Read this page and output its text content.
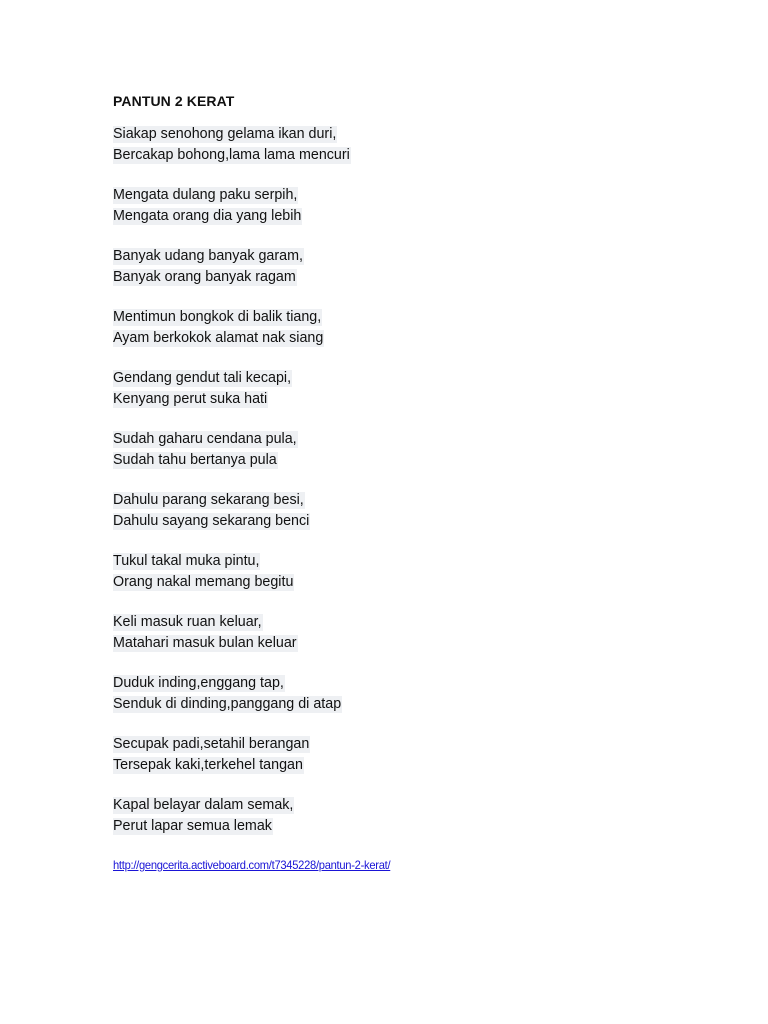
PANTUN 2 KERAT
Siakap senohong gelama ikan duri,
Bercakap bohong,lama lama mencuri
Mengata dulang paku serpih,
Mengata orang dia yang lebih
Banyak udang banyak garam,
Banyak orang banyak ragam
Mentimun bongkok di balik tiang,
Ayam berkokok alamat nak siang
Gendang gendut tali kecapi,
Kenyang perut suka hati
Sudah gaharu cendana pula,
Sudah tahu bertanya pula
Dahulu parang sekarang besi,
Dahulu sayang sekarang benci
Tukul takal muka pintu,
Orang nakal memang begitu
Keli masuk ruan keluar,
Matahari masuk bulan keluar
Duduk inding,enggang tap,
Senduk di dinding,panggang di atap
Secupak padi,setahil berangan
Tersepak kaki,terkehel tangan
Kapal belayar dalam semak,
Perut lapar semua lemak
http://gengcerita.activeboard.com/t7345228/pantun-2-kerat/
